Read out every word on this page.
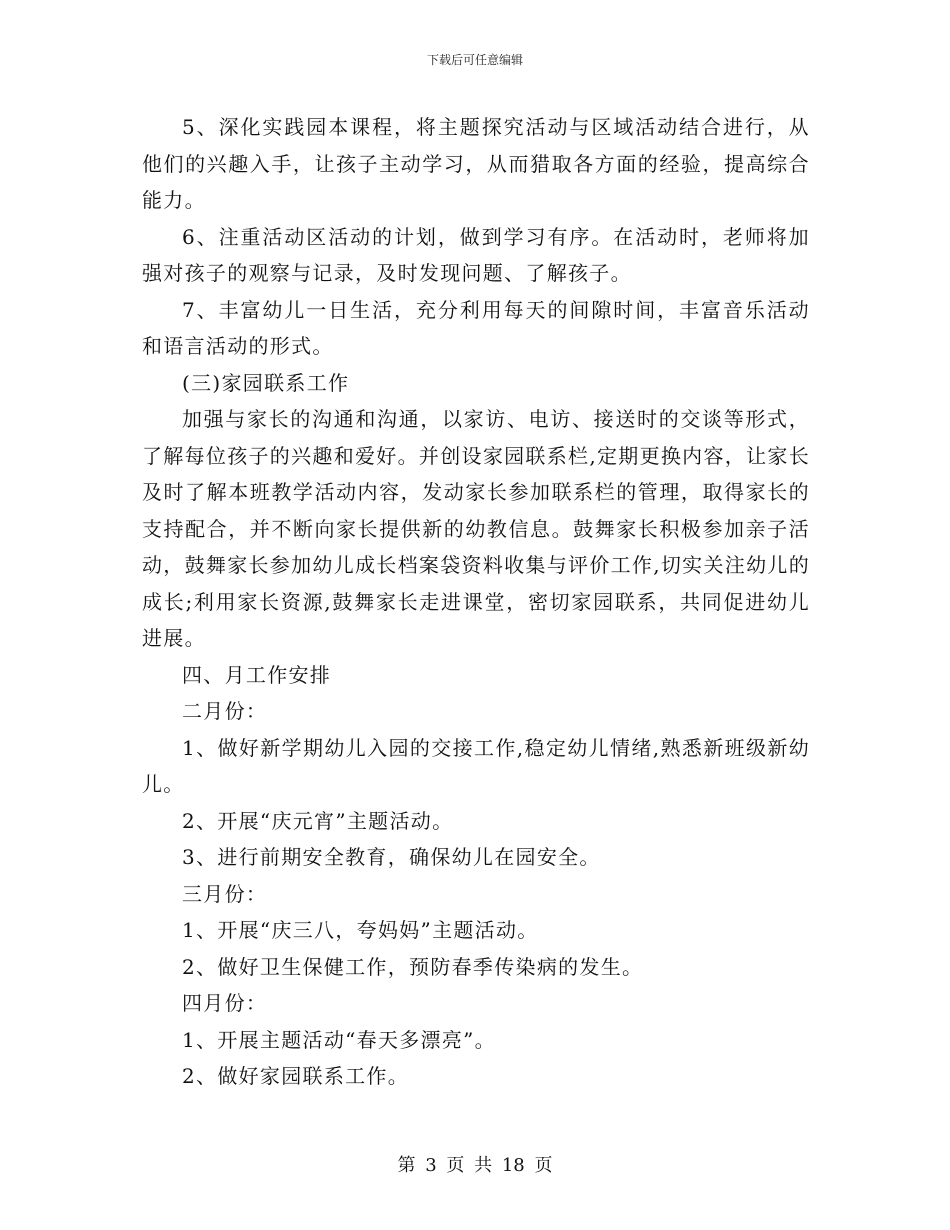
下载后可任意编辑

5、深化实践园本课程，将主题探究活动与区域活动结合进行，从他们的兴趣入手，让孩子主动学习，从而猎取各方面的经验，提高综合能力。

6、注重活动区活动的计划，做到学习有序。在活动时，老师将加强对孩子的观察与记录，及时发现问题、了解孩子。

7、丰富幼儿一日生活，充分利用每天的间隙时间，丰富音乐活动和语言活动的形式。

(三)家园联系工作

加强与家长的沟通和沟通，以家访、电访、接送时的交谈等形式，了解每位孩子的兴趣和爱好。并创设家园联系栏,定期更换内容，让家长及时了解本班教学活动内容，发动家长参加联系栏的管理，取得家长的支持配合，并不断向家长提供新的幼教信息。鼓舞家长积极参加亲子活动，鼓舞家长参加幼儿成长档案袋资料收集与评价工作,切实关注幼儿的成长;利用家长资源,鼓舞家长走进课堂，密切家园联系，共同促进幼儿进展。

四、月工作安排

二月份：

1、做好新学期幼儿入园的交接工作,稳定幼儿情绪,熟悉新班级新幼儿。

2、开展“庆元宵”主题活动。

3、进行前期安全教育，确保幼儿在园安全。

三月份：

1、开展“庆三八，夸妈妈”主题活动。

2、做好卫生保健工作，预防春季传染病的发生。

四月份：

1、开展主题活动“春天多漂亮”。

2、做好家园联系工作。

第 3 页 共 18 页
